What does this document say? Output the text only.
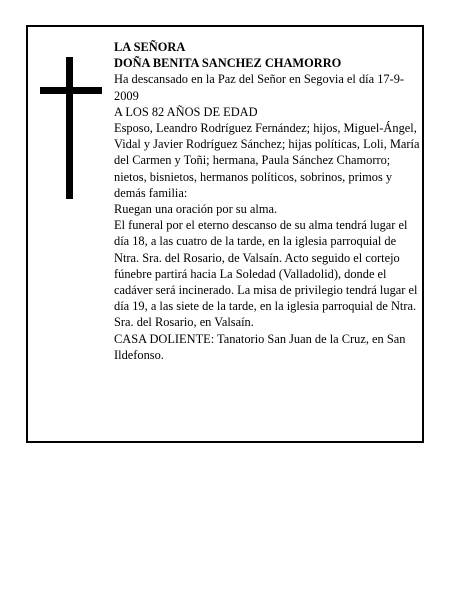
LA SEÑORA

DOÑA BENITA SANCHEZ CHAMORRO

Ha descansado en la Paz del Señor en Segovia el día 17-9-2009

A LOS 82 AÑOS DE EDAD

Esposo, Leandro Rodríguez Fernández; hijos, Miguel-Ángel, Vidal y Javier Rodríguez Sánchez; hijas políticas, Loli, María del Carmen y Toñi; hermana, Paula Sánchez Chamorro; nietos, bisnietos, hermanos políticos, sobrinos, primos y demás familia:

Ruegan una oración por su alma.

El funeral por el eterno descanso de su alma tendrá lugar el día 18, a las cuatro de la tarde, en la iglesia parroquial de Ntra. Sra. del Rosario, de Valsaín. Acto seguido el cortejo fúnebre partirá hacia La Soledad (Valladolid), donde el cadáver será incinerado. La misa de privilegio tendrá lugar el día 19, a las siete de la tarde, en la iglesia parroquial de Ntra. Sra. del Rosario, en Valsaín.

CASA DOLIENTE: Tanatorio San Juan de la Cruz, en San Ildefonso.
